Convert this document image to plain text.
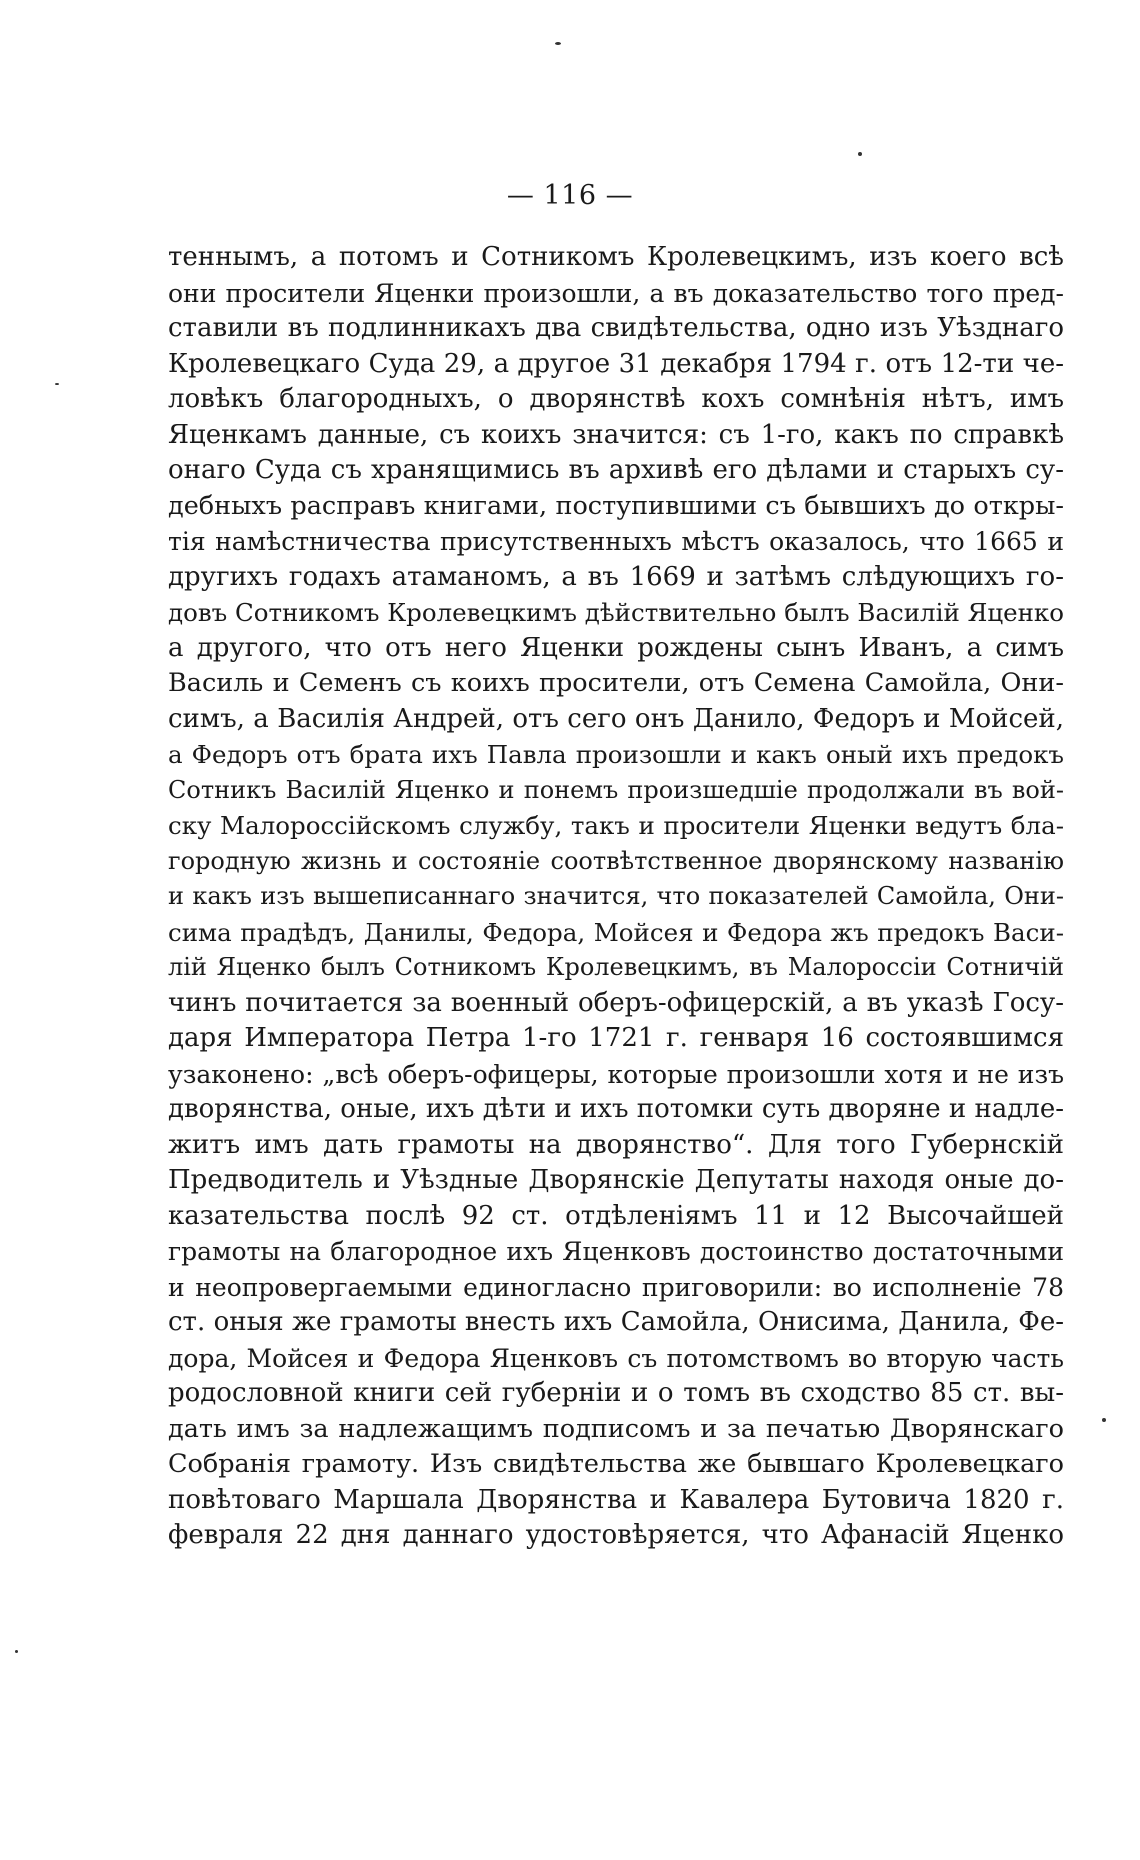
— 116 —
теннымъ, а потомъ и Сотникомъ Кролевецкимъ, изъ коего всѣ
они просители Яценки произошли, а въ доказательство того пред-
ставили въ подлинникахъ два свидѣтельства, одно изъ Уѣзднаго
Кролевецкаго Суда 29, а другое 31 декабря 1794 г. отъ 12-ти че-
ловѣкъ благородныхъ, о дворянствѣ кохъ сомнѣнія нѣтъ, имъ
Яценкамъ данные, съ коихъ значится: съ 1-го, какъ по справкѣ
онаго Суда съ хранящимись въ архивѣ его дѣлами и старыхъ су-
дебныхъ расправъ книгами, поступившими съ бывшихъ до откры-
тія намѣстничества присутственныхъ мѣстъ оказалось, что 1665 и
другихъ годахъ атаманомъ, а въ 1669 и затѣмъ слѣдующихъ го-
довъ Сотникомъ Кролевецкимъ дѣйствительно былъ Василій Яценко
а другого, что отъ него Яценки рождены сынъ Иванъ, а симъ
Василь и Семенъ съ коихъ просители, отъ Семена Самойла, Они-
симъ, а Василія Андрей, отъ сего онъ Данило, Федоръ и Мойсей,
а Федоръ отъ брата ихъ Павла произошли и какъ оный ихъ предокъ
Сотникъ Василій Яценко и понемъ произшедшіе продолжали въ вой-
ску Малороссійскомъ службу, такъ и просители Яценки ведутъ бла-
городную жизнь и состояніе соотвѣтственное дворянскому названію
и какъ изъ вышеписаннаго значится, что показателей Самойла, Они-
сима прадѣдъ, Данилы, Федора, Мойсея и Федора жъ предокъ Васи-
лій Яценко былъ Сотникомъ Кролевецкимъ, въ Малороссіи Сотничій
чинъ почитается за военный оберъ-офицерскій, а въ указѣ Госу-
даря Императора Петра 1-го 1721 г. генваря 16 состоявшимся
узаконено: „всѣ оберъ-офицеры, которые произошли хотя и не изъ
дворянства, оные, ихъ дѣти и ихъ потомки суть дворяне и надле-
житъ имъ дать грамоты на дворянство“. Для того Губернскій
Предводитель и Уѣздные Дворянскіе Депутаты находя оные до-
казательства послѣ 92 ст. отдѣленіямъ 11 и 12 Высочайшей
грамоты на благородное ихъ Яценковъ достоинство достаточными
и неопровергаемыми единогласно приговорили: во исполненіе 78
ст. оныя же грамоты внесть ихъ Самойла, Онисима, Данила, Фе-
дора, Мойсея и Федора Яценковъ съ потомствомъ во вторую часть
родословной книги сей губерніи и о томъ въ сходство 85 ст. вы-
дать имъ за надлежащимъ подписомъ и за печатью Дворянскаго
Собранія грамоту. Изъ свидѣтельства же бывшаго Кролевецкаго
повѣтоваго Маршала Дворянства и Кавалера Бутовича 1820 г.
февраля 22 дня даннаго удостовѣряется, что Афанасій Яценко
